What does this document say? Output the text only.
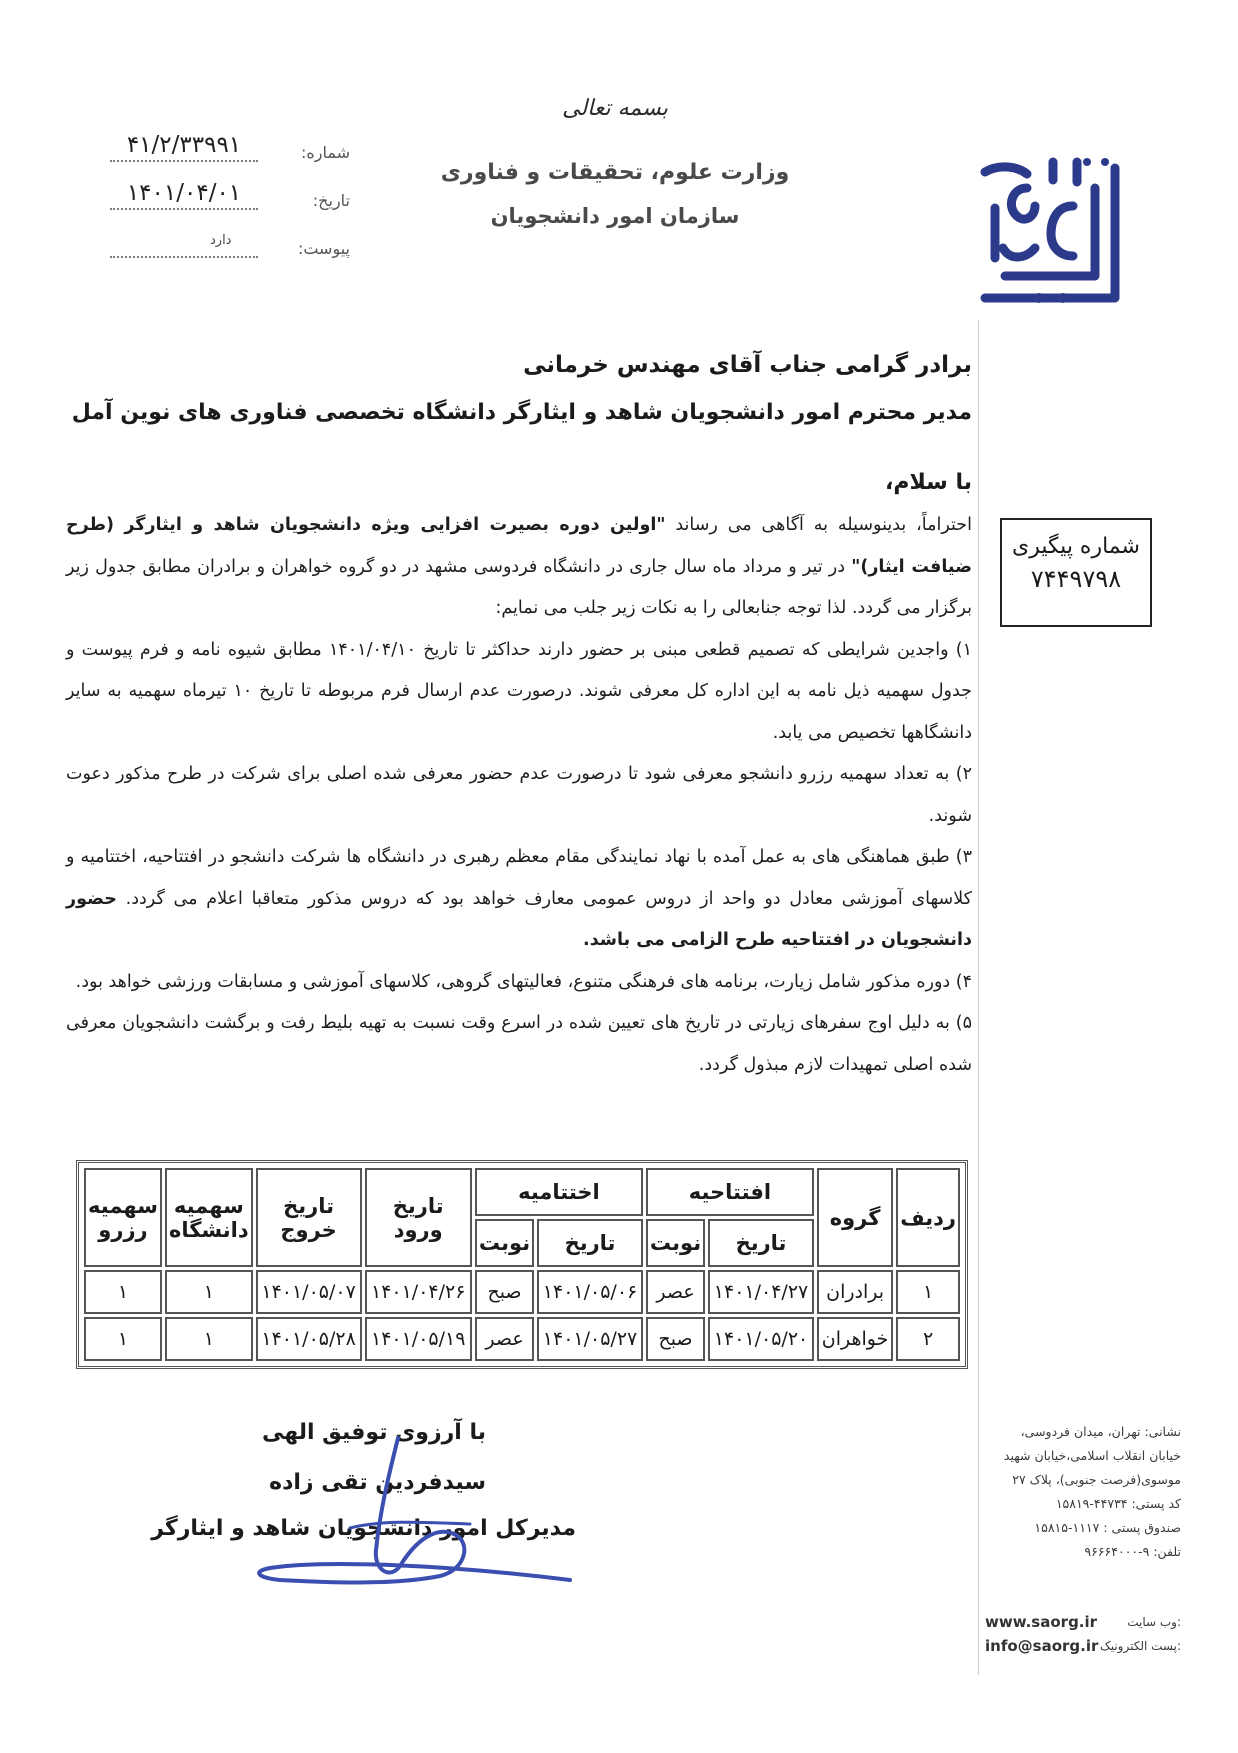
بسمه تعالی
وزارت علوم، تحقیقات و فناوری
سازمان امور دانشجویان
۴۱/۲/۳۳۹۹۱	شماره:
۱۴۰۱/۰۴/۰۱	تاریخ:
دارد	پیوست:
برادر گرامی جناب آقای مهندس خرمانی
مدیر محترم امور دانشجویان شاهد و ایثارگر دانشگاه تخصصی فناوری های نوین آمل
شماره پیگیری
۷۴۴۹۷۹۸
با سلام،

احتراماً، بدینوسیله به آگاهی می رساند "اولین دوره بصیرت افزایی ویژه دانشجویان شاهد و ایثارگر (طرح ضیافت ایثار)" در تیر و مرداد ماه سال جاری در دانشگاه فردوسی مشهد در دو گروه خواهران و برادران مطابق جدول زیر برگزار می گردد. لذا توجه جنابعالی را به نکات زیر جلب می نمایم:

۱) واجدین شرایطی که تصمیم قطعی مبنی بر حضور دارند حداکثر تا تاریخ ۱۴۰۱/۰۴/۱۰ مطابق شیوه نامه و فرم پیوست و جدول سهمیه ذیل نامه به این اداره کل معرفی شوند. درصورت عدم ارسال فرم مربوطه تا تاریخ ۱۰ تیرماه سهمیه به سایر دانشگاهها تخصیص می یابد.

۲) به تعداد سهمیه رزرو دانشجو معرفی شود تا درصورت عدم حضور معرفی شده اصلی برای شرکت در طرح مذکور دعوت شوند.

۳) طبق هماهنگی های به عمل آمده با نهاد نمایندگی مقام معظم رهبری در دانشگاه ها شرکت دانشجو در افتتاحیه، اختتامیه و کلاسهای آموزشی معادل دو واحد از دروس عمومی معارف خواهد بود که دروس مذکور متعاقبا اعلام می گردد. حضور دانشجویان در افتتاحیه طرح الزامی می باشد.

۴) دوره مذکور شامل زیارت، برنامه های فرهنگی متنوع، فعالیتهای گروهی، کلاسهای آموزشی و مسابقات ورزشی خواهد بود.

۵) به دلیل اوج سفرهای زیارتی در تاریخ های تعیین شده در اسرع وقت نسبت به تهیه بلیط رفت و برگشت دانشجویان معرفی شده اصلی تمهیدات لازم مبذول گردد.

ردیف	گروه	افتتاحیه		اختتامیه		تاریخ ورود	تاریخ خروج	سهمیه دانشگاه	سهمیه رزرو
		تاریخ	نوبت	تاریخ	نوبت				
۱	برادران	۱۴۰۱/۰۴/۲۷	عصر	۱۴۰۱/۰۵/۰۶	صبح	۱۴۰۱/۰۴/۲۶	۱۴۰۱/۰۵/۰۷	۱	۱
۲	خواهران	۱۴۰۱/۰۵/۲۰	صبح	۱۴۰۱/۰۵/۲۷	عصر	۱۴۰۱/۰۵/۱۹	۱۴۰۱/۰۵/۲۸	۱	۱
با آرزوی توفیق الهی
سیدفردین تقی زاده
مدیرکل امور دانشجویان شاهد و ایثارگر
نشانی: تهران، میدان فردوسی،
خیابان انقلاب اسلامی،خیابان شهید
موسوی(فرصت جنوبی)، پلاک ۲۷
کد پستی: ۴۴۷۳۴-۱۵۸۱۹
صندوق پستی : ۱۱۱۷-۱۵۸۱۵
تلفن: ۹-۹۶۶۶۴۰۰۰
www.saorg.ir	وب سایت:
info@saorg.ir پست الکترونیک:
